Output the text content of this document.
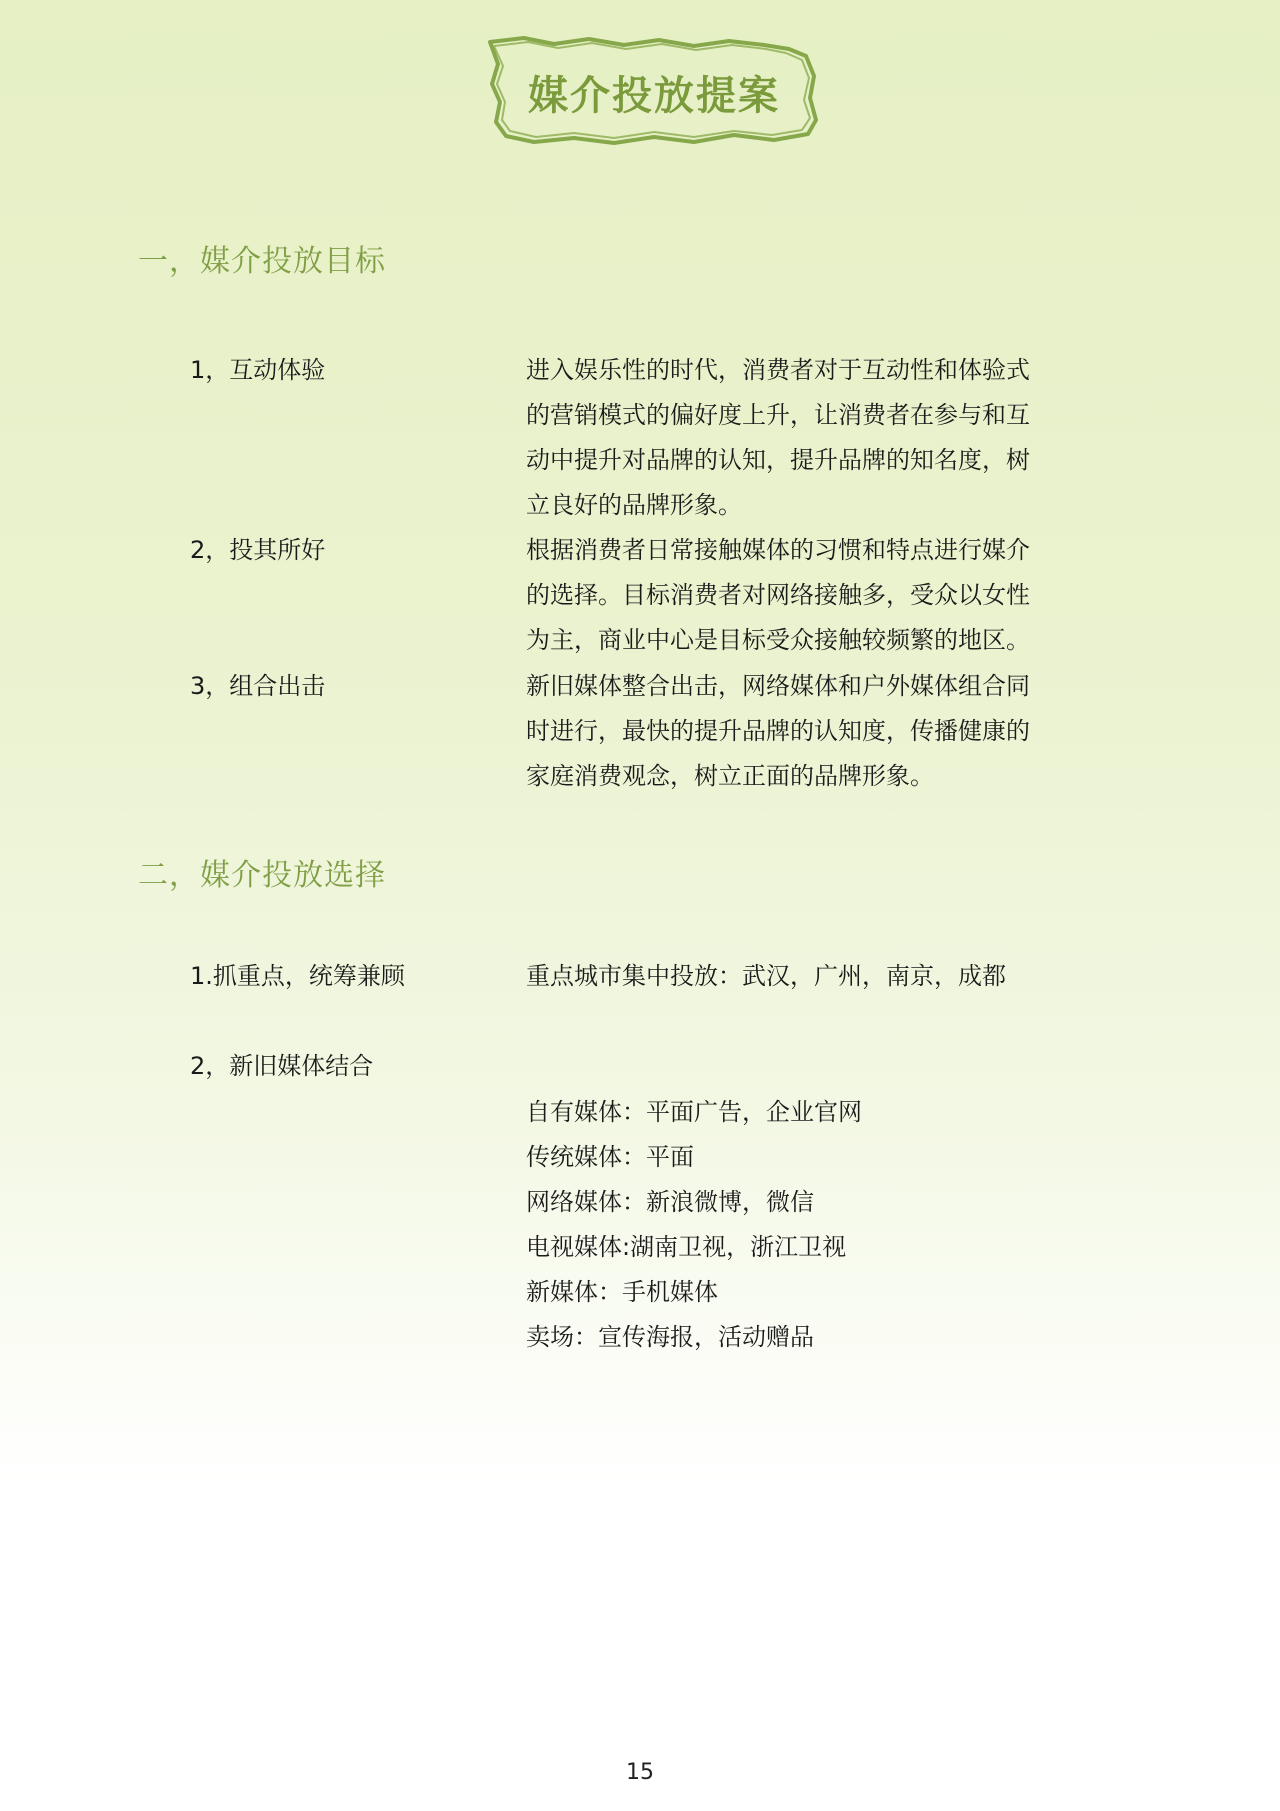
媒介投放提案
一，媒介投放目标
1，互动体验	进入娱乐性的时代，消费者对于互动性和体验式
的营销模式的偏好度上升，让消费者在参与和互
动中提升对品牌的认知，提升品牌的知名度，树
立良好的品牌形象。
2，投其所好	根据消费者日常接触媒体的习惯和特点进行媒介
的选择。目标消费者对网络接触多，受众以女性
为主，商业中心是目标受众接触较频繁的地区。
3，组合出击	新旧媒体整合出击，网络媒体和户外媒体组合同
时进行，最快的提升品牌的认知度，传播健康的
家庭消费观念，树立正面的品牌形象。
二，媒介投放选择
1.抓重点，统筹兼顾	重点城市集中投放：武汉，广州，南京，成都
2，新旧媒体结合
自有媒体：平面广告，企业官网
传统媒体：平面
网络媒体：新浪微博，微信
电视媒体:湖南卫视，浙江卫视
新媒体：手机媒体
卖场：宣传海报，活动赠品
15
